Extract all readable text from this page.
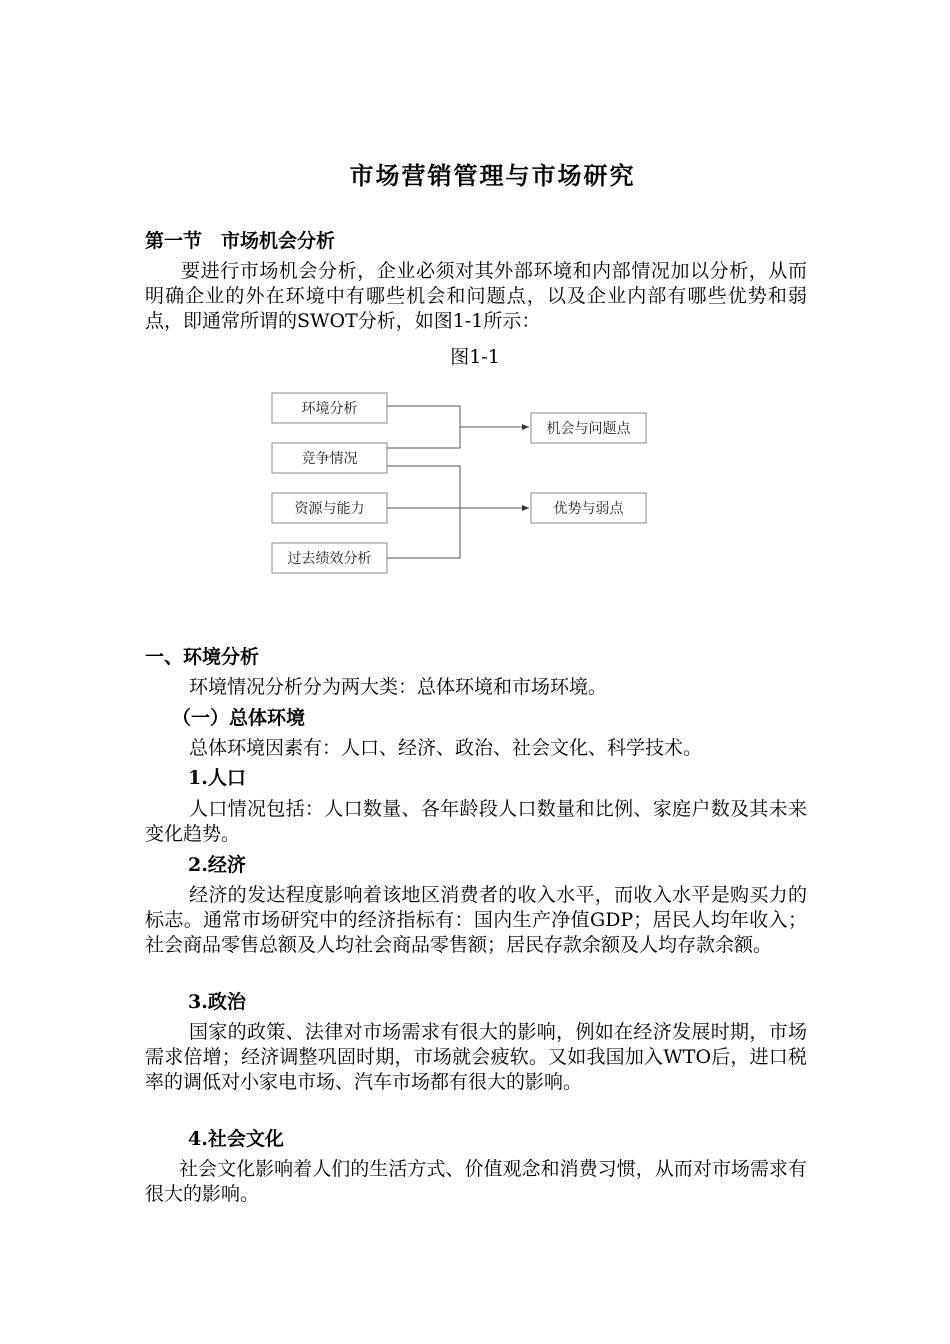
市场营销管理与市场研究
第一节　市场机会分析
要进行市场机会分析，企业必须对其外部环境和内部情况加以分析，从而明确企业的外在环境中有哪些机会和问题点，以及企业内部有哪些优势和弱点，即通常所谓的SWOT分析，如图1-1所示：
图1-1
环境分析
竞争情况
资源与能力
过去绩效分析
机会与问题点
优势与弱点
一、环境分析
环境情况分析分为两大类：总体环境和市场环境。
（一）总体环境
总体环境因素有：人口、经济、政治、社会文化、科学技术。
1.人口
人口情况包括：人口数量、各年龄段人口数量和比例、家庭户数及其未来变化趋势。
2.经济
经济的发达程度影响着该地区消费者的收入水平，而收入水平是购买力的标志。通常市场研究中的经济指标有：国内生产净值GDP；居民人均年收入；社会商品零售总额及人均社会商品零售额；居民存款余额及人均存款余额。
3.政治
国家的政策、法律对市场需求有很大的影响，例如在经济发展时期，市场需求倍增；经济调整巩固时期，市场就会疲软。又如我国加入WTO后，进口税率的调低对小家电市场、汽车市场都有很大的影响。
4.社会文化
社会文化影响着人们的生活方式、价值观念和消费习惯，从而对市场需求有很大的影响。
